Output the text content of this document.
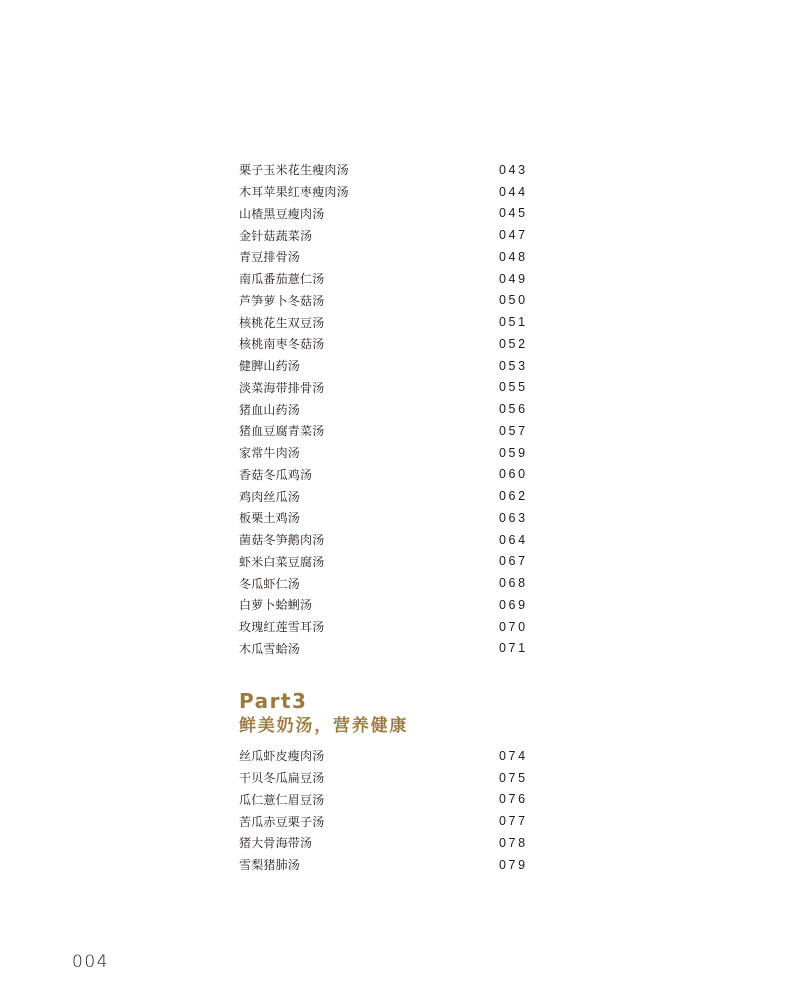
栗子玉米花生瘦肉汤	043
木耳苹果红枣瘦肉汤	044
山楂黑豆瘦肉汤	045
金针菇蔬菜汤	047
青豆排骨汤	048
南瓜番茄薏仁汤	049
芦笋萝卜冬菇汤	050
核桃花生双豆汤	051
核桃南枣冬菇汤	052
健脾山药汤	053
淡菜海带排骨汤	055
猪血山药汤	056
猪血豆腐青菜汤	057
家常牛肉汤	059
香菇冬瓜鸡汤	060
鸡肉丝瓜汤	062
板栗土鸡汤	063
菌菇冬笋鹅肉汤	064
虾米白菜豆腐汤	067
冬瓜虾仁汤	068
白萝卜蛤蜊汤	069
玫瑰红莲雪耳汤	070
木瓜雪蛤汤	071
Part3
鲜美奶汤，营养健康
丝瓜虾皮瘦肉汤	074
干贝冬瓜扁豆汤	075
瓜仁薏仁眉豆汤	076
苦瓜赤豆栗子汤	077
猪大骨海带汤	078
雪梨猪肺汤	079
004
